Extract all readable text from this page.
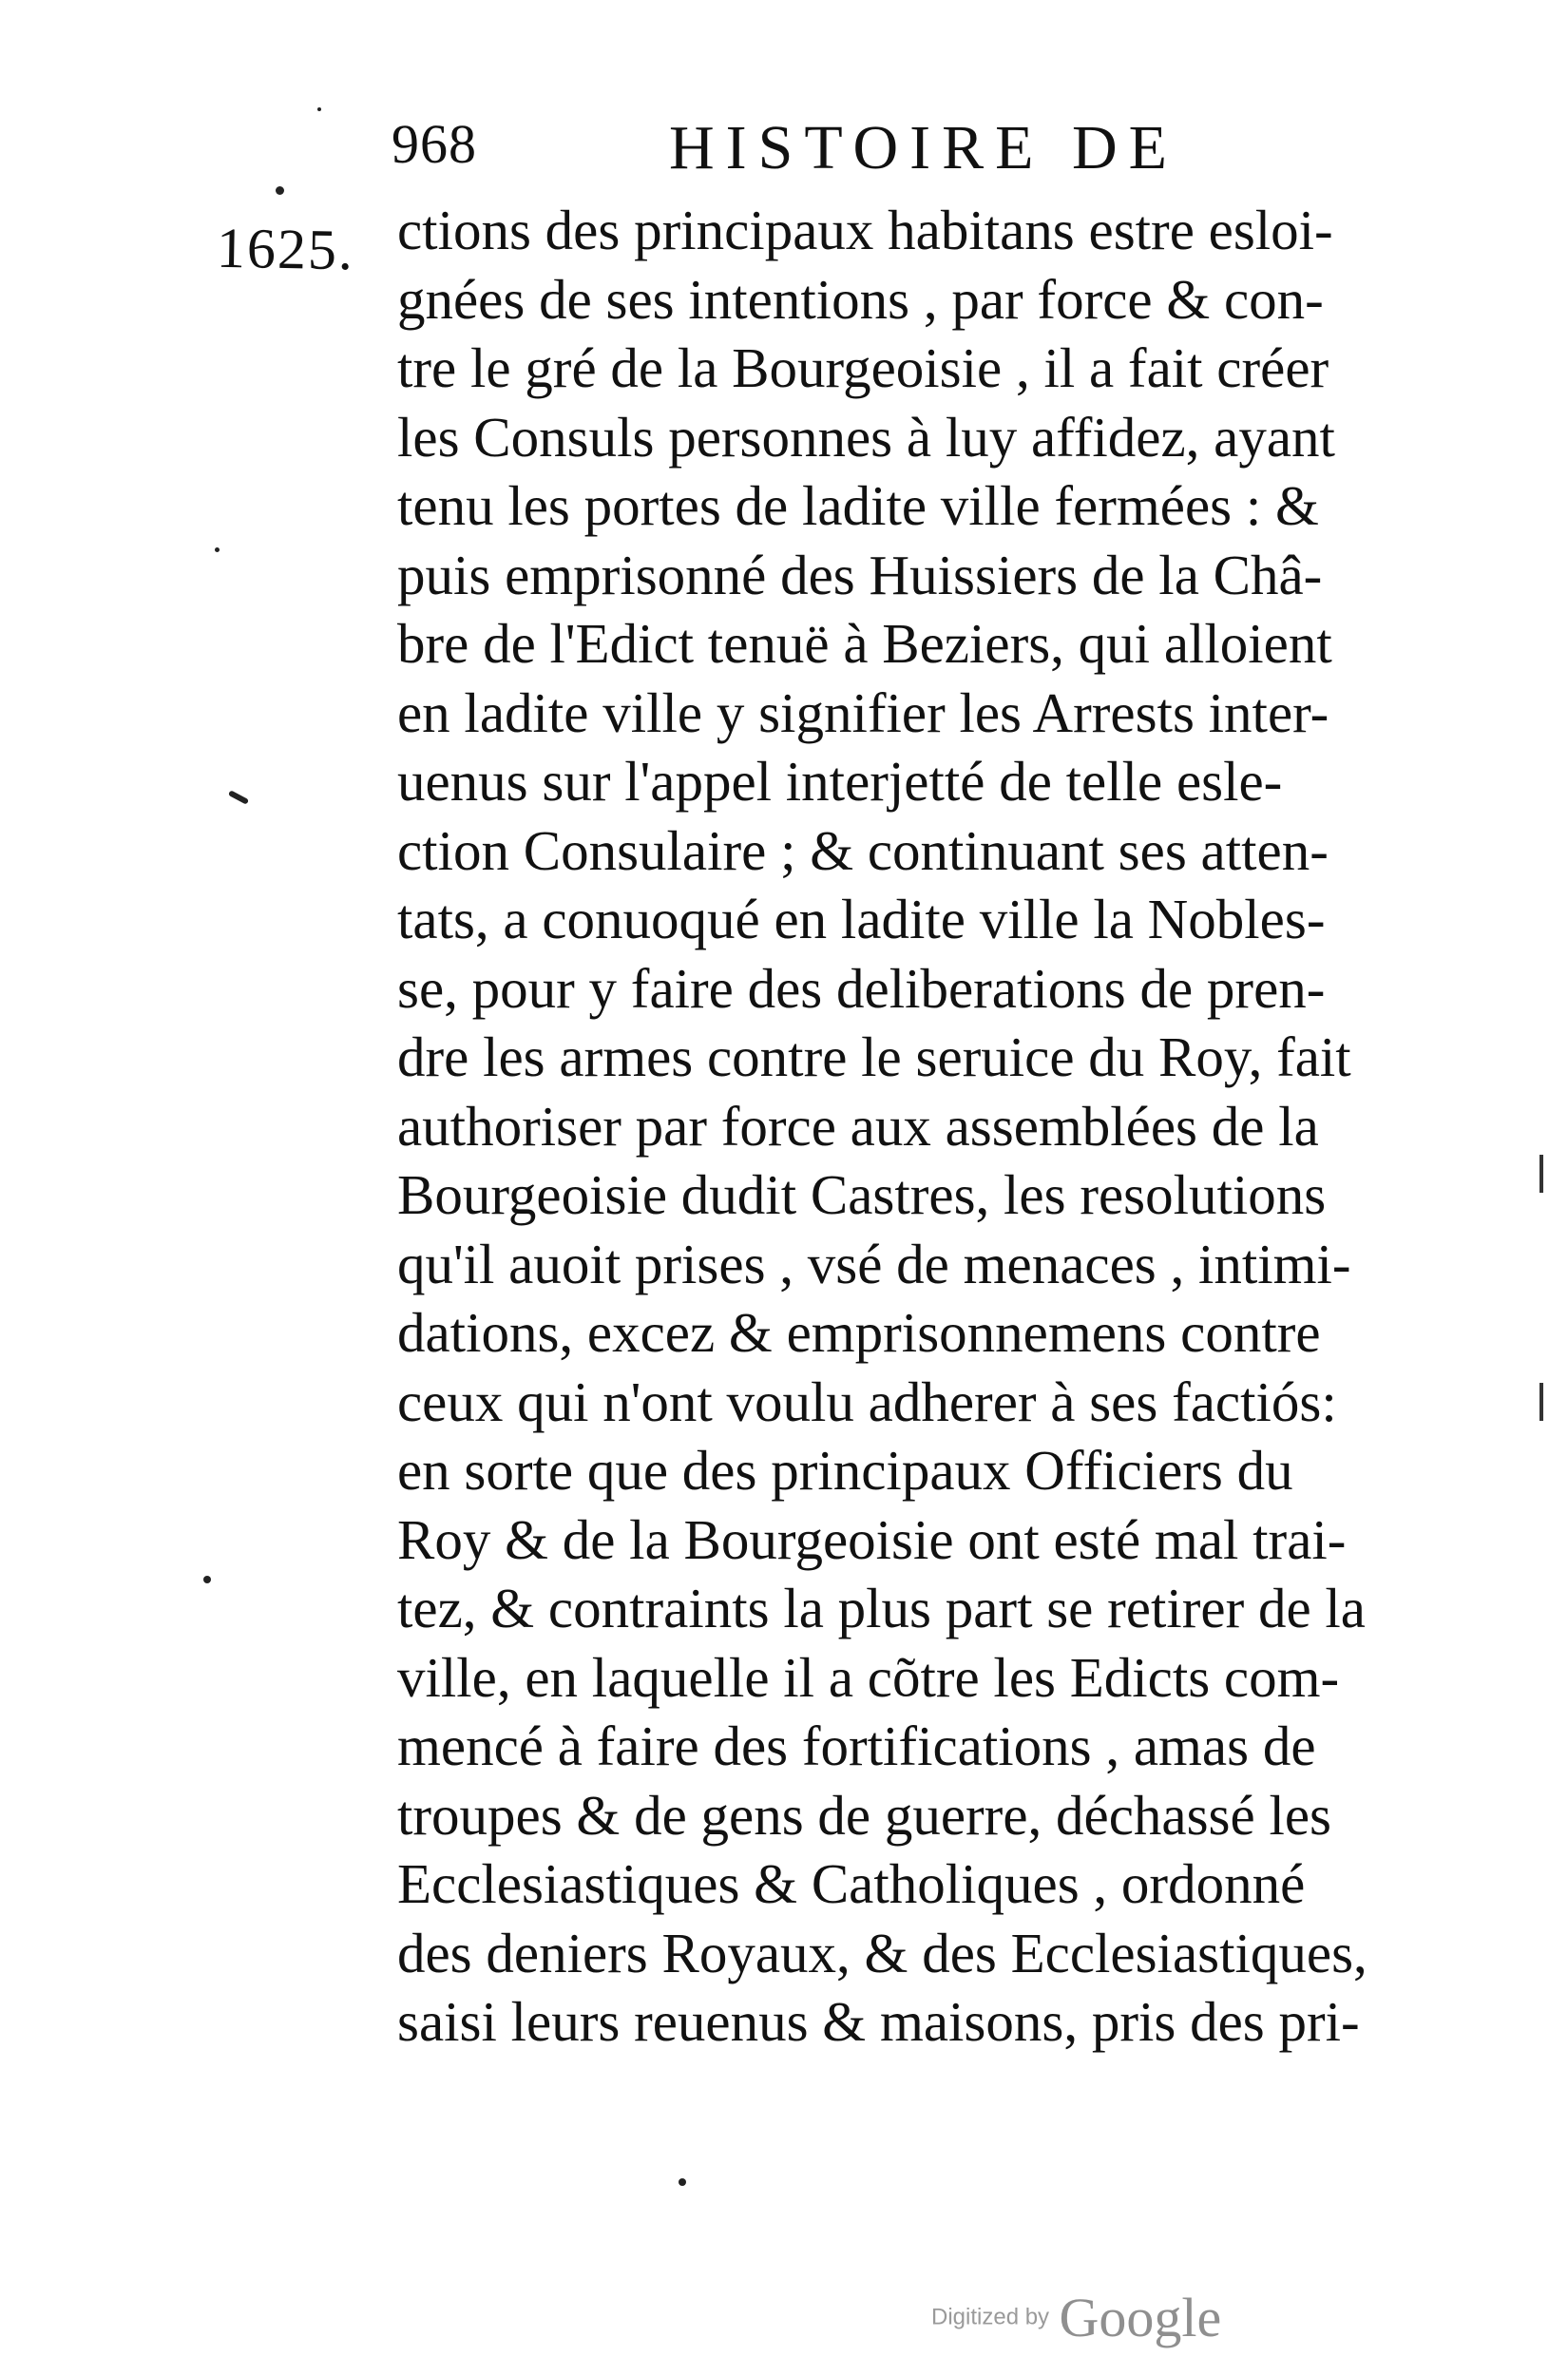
968	HISTOIRE DE
1625. ctions des principaux habitans estre esloi-
gnées de ses intentions , par force & con-
tre le gré de la Bourgeoisie , il a fait créer
les Consuls personnes à luy affidez, ayant
tenu les portes de ladite ville fermées : &
puis emprisonné des Huissiers de la Châ-
bre de l'Edict tenuë à Beziers, qui alloient
en ladite ville y signifier les Arrests inter-
uenus sur l'appel interjetté de telle esle-
ction Consulaire ; & continuant ses atten-
tats, a conuoqué en ladite ville la Nobles-
se, pour y faire des deliberations de pren-
dre les armes contre le seruice du Roy, fait
authoriser par force aux assemblées de la
Bourgeoisie dudit Castres, les resolutions
qu'il auoit prises , vsé de menaces , intimi-
dations, excez & emprisonnemens contre
ceux qui n'ont voulu adherer à ses factiós:
en sorte que des principaux Officiers du
Roy & de la Bourgeoisie ont esté mal trai-
tez, & contraints la plus part se retirer de la
ville, en laquelle il a cõtre les Edicts com-
mencé à faire des fortifications , amas de
troupes & de gens de guerre, déchassé les
Ecclesiastiques & Catholiques , ordonné
des deniers Royaux, & des Ecclesiastiques,
saisi leurs reuenus & maisons, pris des pri-
Digitized by Google
